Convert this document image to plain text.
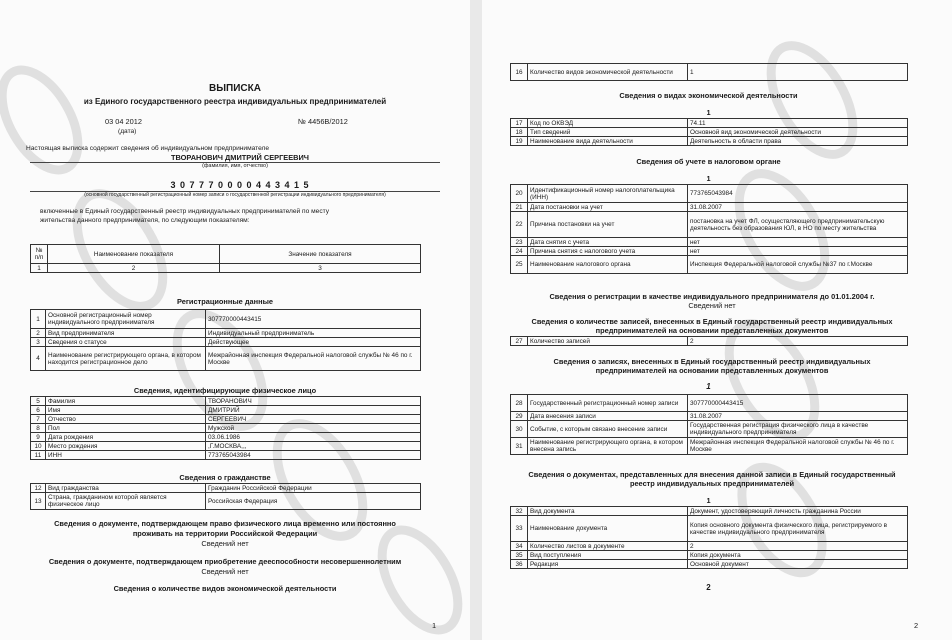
ВЫПИСКА
из Единого государственного реестра индивидуальных предпринимателей
03 04 2012
(дата)
№ 4456В/2012
Настоящая выписка содержит сведения об индивидуальном предпринимателе
ТВОРАНОВИЧ ДМИТРИЙ СЕРГЕЕВИЧ
(фамилия, имя, отчество)
3 0 7 7 7 0 0 0 0 4 4 3 4 1 5
(основной государственный регистрационный номер записи о государственной регистрации индивидуального предпринимателя)
включенные в Единый государственный реестр индивидуальных предпринимателей по месту
жительства данного предпринимателя, по следующим показателям:
№
п/п	Наименование показателя	Значение показателя
1	2	3
Регистрационные данные
1	Основной регистрационный номер индивидуального предпринимателя	307770000443415
2	Вид предпринимателя	Индивидуальный предприниматель
3	Сведения о статусе	Действующее
4	Наименование регистрирующего органа, в котором находится регистрационное дело	Межрайонная инспекция Федеральной налоговой службы № 46 по г. Москве
Сведения, идентифицирующие физическое лицо
5	Фамилия	ТВОРАНОВИЧ
6	Имя	ДМИТРИЙ
7	Отчество	СЕРГЕЕВИЧ
8	Пол	Мужской
9	Дата рождения	03.06.1986
10	Место рождения	,Г.МОСКВА,,,
11	ИНН	773765043984
Сведения о гражданстве
12	Вид гражданства	Гражданин Российской Федерации
13	Страна, гражданином которой является физическое лицо	Российская Федерация
Сведения о документе, подтверждающем право физического лица временно или постоянно
проживать на территории Российской Федерации
Сведений нет
Сведения о документе, подтверждающем приобретение дееспособности несовершеннолетним
Сведений нет
Сведения о количестве видов экономической деятельности
1
16	Количество видов экономической деятельности	1
Сведения о видах экономической деятельности
1
17	Код по ОКВЭД	74.11
18	Тип сведений	Основной вид экономической деятельности
19	Наименование вида деятельности	Деятельность в области права
Сведения об учете в налоговом органе
1
20	Идентификационный номер налогоплательщика (ИНН)	773765043984
21	Дата постановки на учет	31.08.2007
22	Причина постановки на учет	постановка на учет ФЛ, осуществляющего предпринимательскую деятельность без образования ЮЛ, в НО по месту жительства
23	Дата снятия с учета	нет
24	Причина снятия с налогового учета	нет
25	Наименование налогового органа	Инспекция Федеральной налоговой службы №37 по г.Москве
Сведения о регистрации в качестве индивидуального предпринимателя до 01.01.2004 г.
Сведений нет
Сведения о количестве записей, внесенных в Единый государственный реестр индивидуальных
предпринимателей на основании представленных документов
27	Количество записей	2
Сведения о записях, внесенных в Единый государственный реестр индивидуальных
предпринимателей на основании представленных документов
1
28	Государственный регистрационный номер записи	307770000443415
29	Дата внесения записи	31.08.2007
30	Событие, с которым связано внесение записи	Государственная регистрация физического лица в качестве индивидуального предпринимателя
31	Наименование регистрирующего органа, в котором внесена запись	Межрайонная инспекция Федеральной налоговой службы № 46 по г. Москве
Сведения о документах, представленных для внесения данной записи в Единый государственный
реестр индивидуальных предпринимателей
1
32	Вид документа	Документ, удостоверяющий личность гражданина России
33	Наименование документа	Копия основного документа физического лица, регистрируемого в качестве индивидуального предпринимателя
34	Количество листов в документе	2
35	Вид поступления	Копия документа
36	Редакция	Основной документ
2
2
